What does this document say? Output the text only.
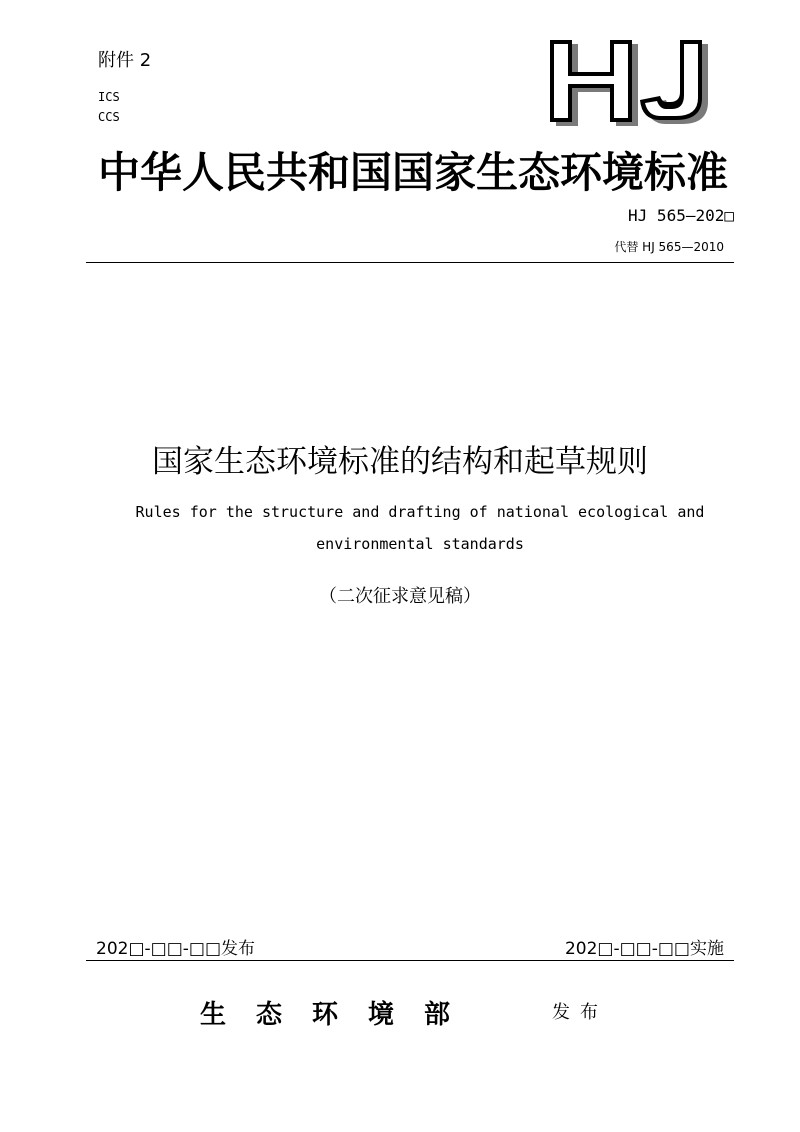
附件 2
ICS
CCS
中华人民共和国国家生态环境标准
HJ 565—202□
代替 HJ 565—2010
国家生态环境标准的结构和起草规则
Rules for the structure and drafting of national ecological and environmental standards
（二次征求意见稿）
202□-□□-□□发布	202□-□□-□□实施
生态环境部	发布
